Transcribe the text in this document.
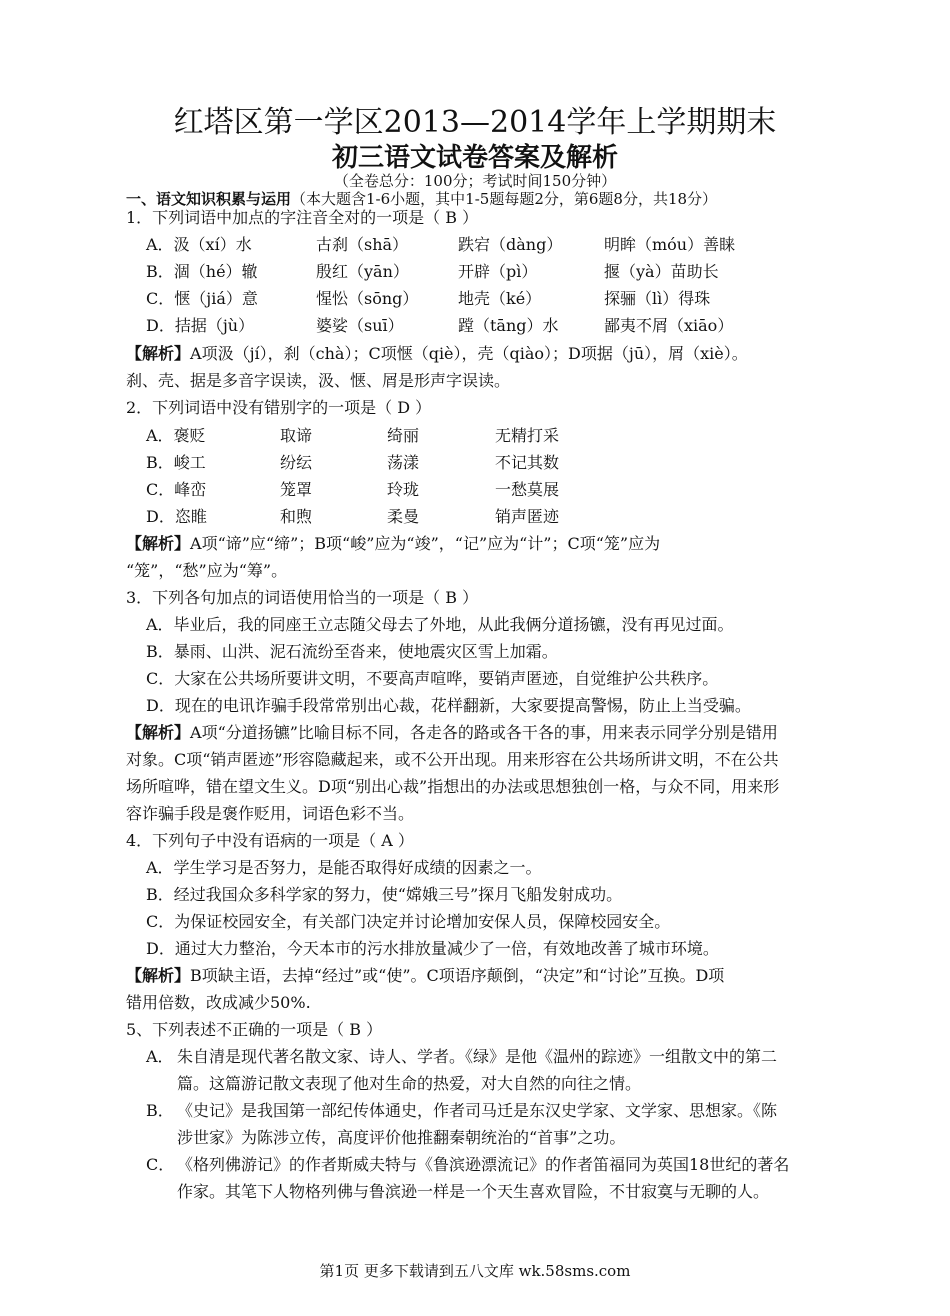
红塔区第一学区2013—2014学年上学期期末
初三语文试卷答案及解析
（全卷总分：100分；考试时间150分钟）
一、语文知识积累与运用（本大题含1-6小题，其中1-5题每题2分，第6题8分，共18分）
1．下列词语中加点的字注音全对的一项是（ B ）
A．汲（xí）水	古刹（shā）	跌宕（dàng）	明眸（móu）善睐
B．涸（hé）辙	殷红（yān）	开辟（pì）	揠（yà）苗助长
C．惬（jiá）意	惺忪（sōng） 地壳（ké）	探骊（lì）得珠
D．拮据（jù）	婆娑（suī）	蹚（tāng）水	鄙夷不屑（xiāo）
【解析】A项汲（jí），刹（chà）；C项惬（qiè），壳（qiào）；D项据（jū），屑（xiè）。
刹、壳、据是多音字误读，汲、惬、屑是形声字误读。
2．下列词语中没有错别字的一项是（ D ）
A．褒贬	取谛	绮丽	无精打采
B．峻工	纷纭	荡漾	不记其数
C．峰峦	笼罩	玲珑	一愁莫展
D．恣睢	和煦	柔曼	销声匿迹
【解析】A项“谛”应“缔”；B项“峻”应为“竣”，“记”应为“计”；C项“笼”应为
“笼”，“愁”应为“筹”。
3．下列各句加点的词语使用恰当的一项是（ B ）
A．毕业后，我的同座王立志随父母去了外地，从此我俩分道扬镳，没有再见过面。
B．暴雨、山洪、泥石流纷至沓来，使地震灾区雪上加霜。
C．大家在公共场所要讲文明，不要高声喧哗，要销声匿迹，自觉维护公共秩序。
D．现在的电讯诈骗手段常常别出心裁，花样翻新，大家要提高警惕，防止上当受骗。
【解析】A项“分道扬镳”比喻目标不同，各走各的路或各干各的事，用来表示同学分别是错用
对象。C项“销声匿迹”形容隐藏起来，或不公开出现。用来形容在公共场所讲文明，不在公共
场所喧哗，错在望文生义。D项“别出心裁”指想出的办法或思想独创一格，与众不同，用来形
容诈骗手段是褒作贬用，词语色彩不当。
4．下列句子中没有语病的一项是（ A ）
A．学生学习是否努力，是能否取得好成绩的因素之一。
B．经过我国众多科学家的努力，使“嫦娥三号”探月飞船发射成功。
C．为保证校园安全，有关部门决定并讨论增加安保人员，保障校园安全。
D．通过大力整治，今天本市的污水排放量减少了一倍，有效地改善了城市环境。
【解析】B项缺主语，去掉“经过”或“使”。C项语序颠倒，“决定”和“讨论”互换。D项
错用倍数，改成减少50%.
5、下列表述不正确的一项是（ B ）
A． 朱自清是现代著名散文家、诗人、学者。《绿》是他《温州的踪迹》一组散文中的第二
篇。这篇游记散文表现了他对生命的热爱，对大自然的向往之情。
B． 《史记》是我国第一部纪传体通史，作者司马迁是东汉史学家、文学家、思想家。《陈
涉世家》为陈涉立传，高度评价他推翻秦朝统治的“首事”之功。
C． 《格列佛游记》的作者斯威夫特与《鲁滨逊漂流记》的作者笛福同为英国18世纪的著名
作家。其笔下人物格列佛与鲁滨逊一样是一个天生喜欢冒险，不甘寂寞与无聊的人。
第1页 更多下载请到五八文库 wk.58sms.com
